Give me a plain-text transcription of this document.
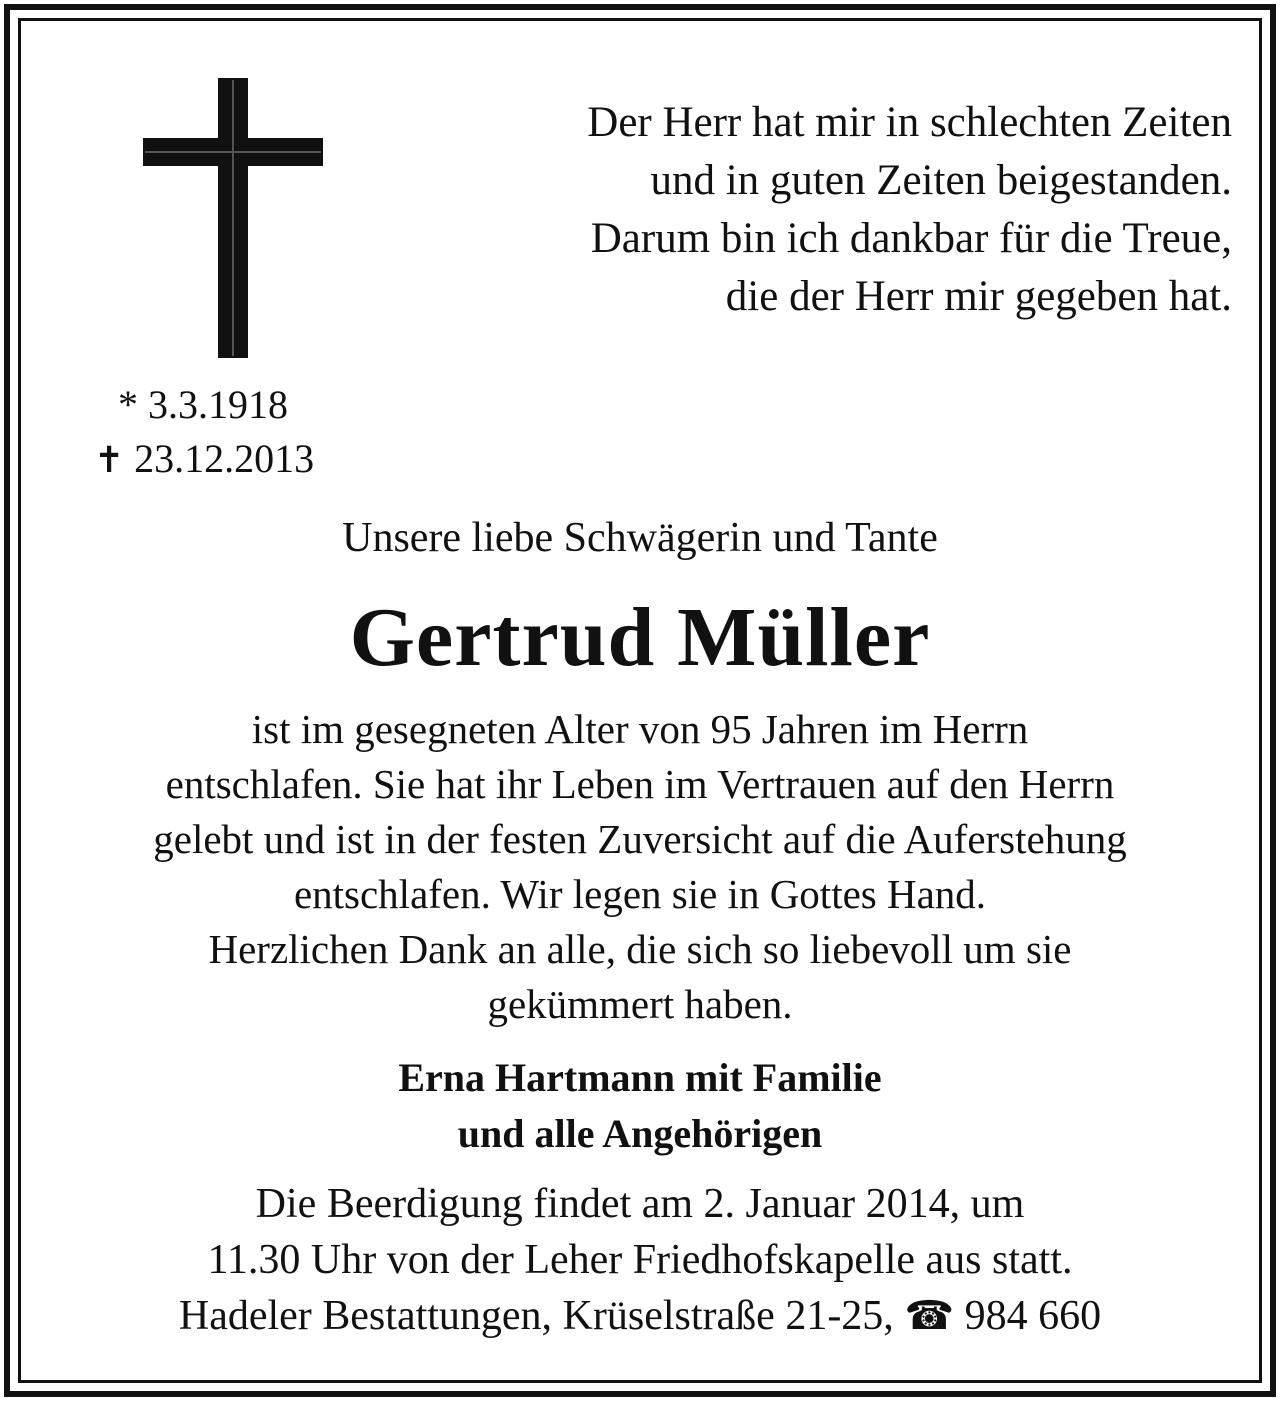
* 3.3.1918
✝ 23.12.2013
Der Herr hat mir in schlechten Zeiten
und in guten Zeiten beigestanden.
Darum bin ich dankbar für die Treue,
die der Herr mir gegeben hat.
Unsere liebe Schwägerin und Tante
Gertrud Müller
ist im gesegneten Alter von 95 Jahren im Herrn
entschlafen. Sie hat ihr Leben im Vertrauen auf den Herrn
gelebt und ist in der festen Zuversicht auf die Auferstehung
entschlafen. Wir legen sie in Gottes Hand.
Herzlichen Dank an alle, die sich so liebevoll um sie
gekümmert haben.
Erna Hartmann mit Familie
und alle Angehörigen
Die Beerdigung findet am 2. Januar 2014, um
11.30 Uhr von der Leher Friedhofskapelle aus statt.
Hadeler Bestattungen, Krüselstraße 21-25, ☎ 984 660
